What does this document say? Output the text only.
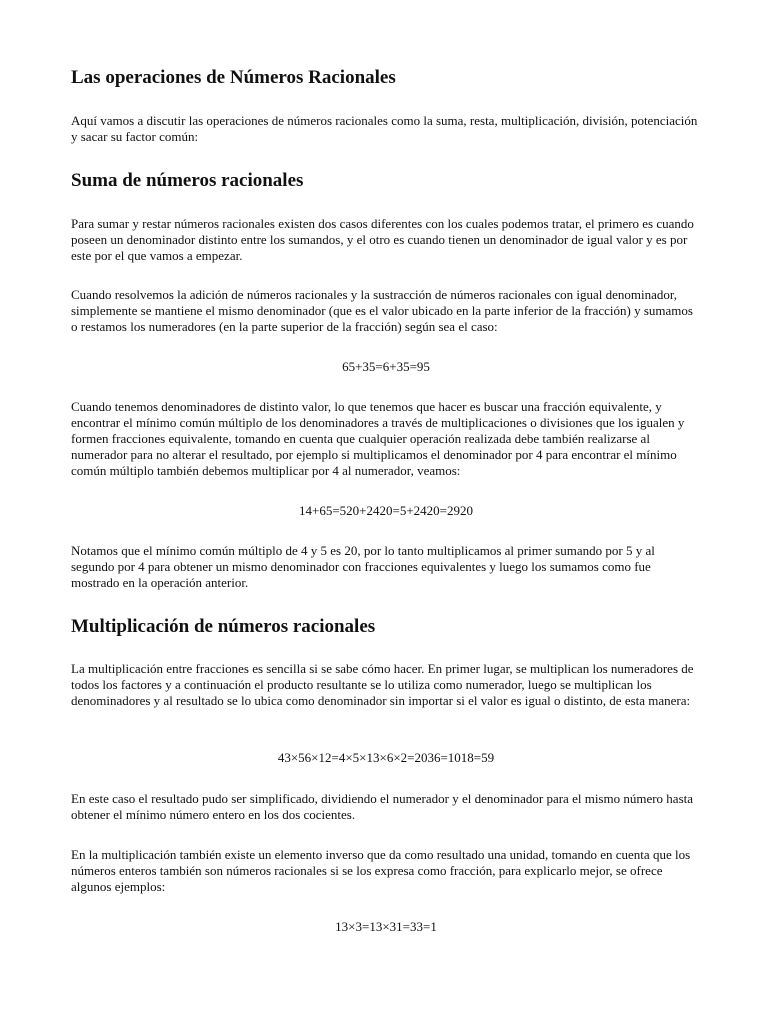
Las operaciones de Números Racionales

Aquí vamos a discutir las operaciones de números racionales como la suma, resta, multiplicación, división, potenciación y sacar su factor común:

Suma de números racionales

Para sumar y restar números racionales existen dos casos diferentes con los cuales podemos tratar, el primero es cuando poseen un denominador distinto entre los sumandos, y el otro es cuando tienen un denominador de igual valor y es por este por el que vamos a empezar.

Cuando resolvemos la adición de números racionales y la sustracción de números racionales con igual denominador, simplemente se mantiene el mismo denominador (que es el valor ubicado en la parte inferior de la fracción) y sumamos o restamos los numeradores (en la parte superior de la fracción) según sea el caso:

65+35=6+35=95

Cuando tenemos denominadores de distinto valor, lo que tenemos que hacer es buscar una fracción equivalente, y encontrar el mínimo común múltiplo de los denominadores a través de multiplicaciones o divisiones que los igualen y formen fracciones equivalente, tomando en cuenta que cualquier operación realizada debe también realizarse al numerador para no alterar el resultado, por ejemplo si multiplicamos el denominador por 4 para encontrar el mínimo común múltiplo también debemos multiplicar por 4 al numerador, veamos:

14+65=520+2420=5+2420=2920

Notamos que el mínimo común múltiplo de 4 y 5 es 20, por lo tanto multiplicamos al primer sumando por 5 y al segundo por 4 para obtener un mismo denominador con fracciones equivalentes y luego los sumamos como fue mostrado en la operación anterior.

Multiplicación de números racionales

La multiplicación entre fracciones es sencilla si se sabe cómo hacer. En primer lugar, se multiplican los numeradores de todos los factores y a continuación el producto resultante se lo utiliza como numerador, luego se multiplican los denominadores y al resultado se lo ubica como denominador sin importar si el valor es igual o distinto, de esta manera:

43×56×12=4×5×13×6×2=2036=1018=59

En este caso el resultado pudo ser simplificado, dividiendo el numerador y el denominador para el mismo número hasta obtener el mínimo número entero en los dos cocientes.

En la multiplicación también existe un elemento inverso que da como resultado una unidad, tomando en cuenta que los números enteros también son números racionales si se los expresa como fracción, para explicarlo mejor, se ofrece algunos ejemplos:

13×3=13×31=33=1
